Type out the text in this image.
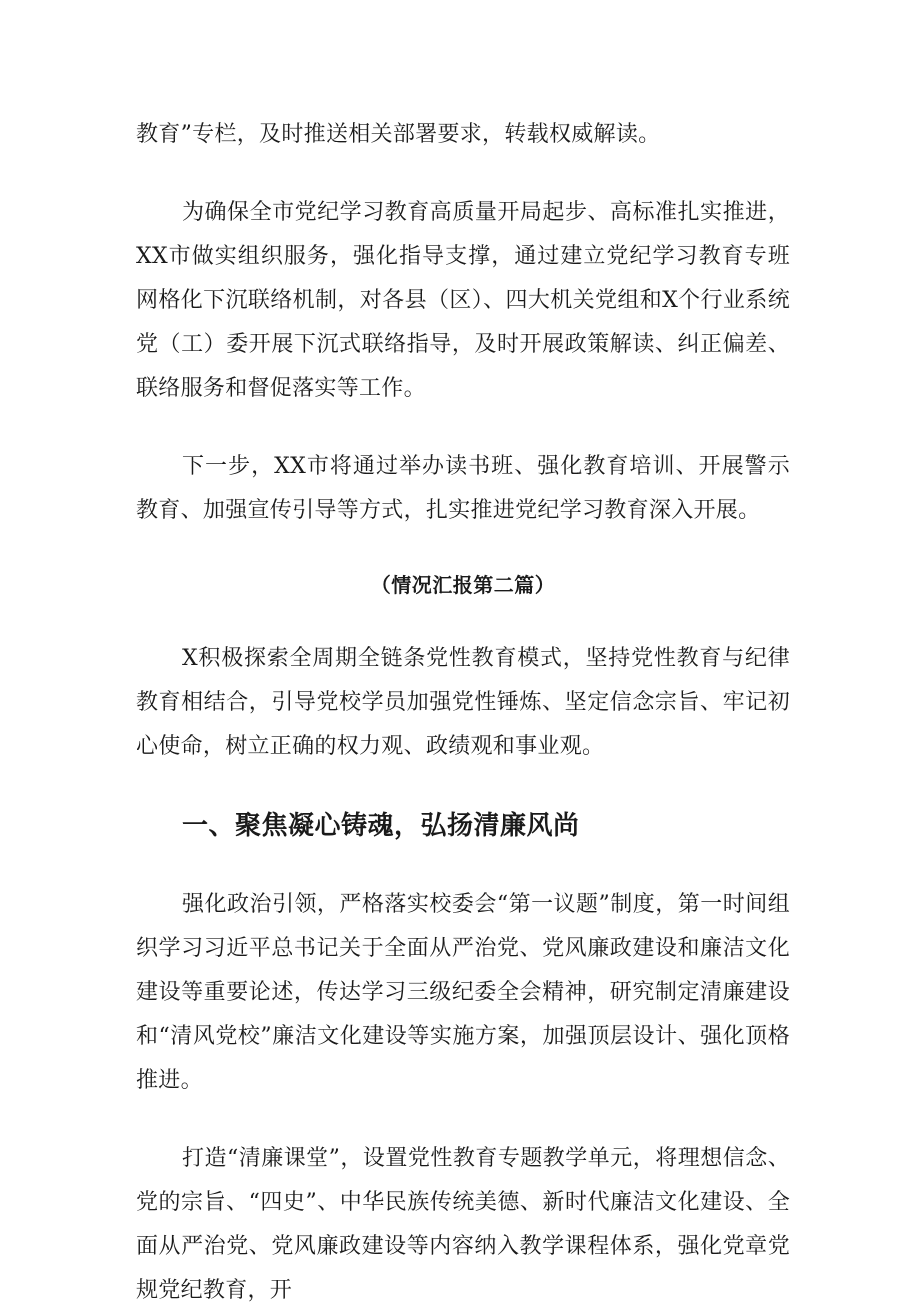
教育”专栏，及时推送相关部署要求，转载权威解读。

为确保全市党纪学习教育高质量开局起步、高标准扎实推进，XX市做实组织服务，强化指导支撑，通过建立党纪学习教育专班网格化下沉联络机制，对各县（区）、四大机关党组和X个行业系统党（工）委开展下沉式联络指导，及时开展政策解读、纠正偏差、联络服务和督促落实等工作。

下一步，XX市将通过举办读书班、强化教育培训、开展警示教育、加强宣传引导等方式，扎实推进党纪学习教育深入开展。

（情况汇报第二篇）

X积极探索全周期全链条党性教育模式，坚持党性教育与纪律教育相结合，引导党校学员加强党性锤炼、坚定信念宗旨、牢记初心使命，树立正确的权力观、政绩观和事业观。

一、聚焦凝心铸魂，弘扬清廉风尚

强化政治引领，严格落实校委会“第一议题”制度，第一时间组织学习习近平总书记关于全面从严治党、党风廉政建设和廉洁文化建设等重要论述，传达学习三级纪委全会精神，研究制定清廉建设和“清风党校”廉洁文化建设等实施方案，加强顶层设计、强化顶格推进。

打造“清廉课堂”，设置党性教育专题教学单元，将理想信念、党的宗旨、“四史”、中华民族传统美德、新时代廉洁文化建设、全面从严治党、党风廉政建设等内容纳入教学课程体系，强化党章党规党纪教育，开
